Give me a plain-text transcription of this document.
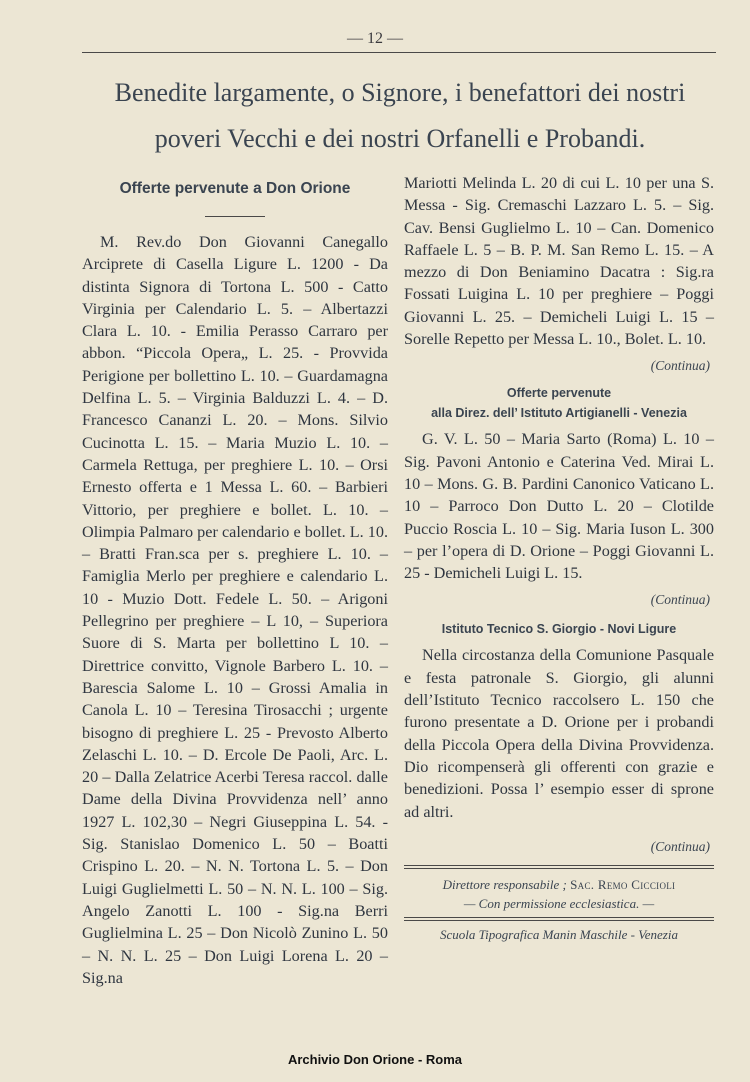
— 12 —
Benedite largamente, o Signore, i benefattori dei nostri
poveri Vecchi e dei nostri Orfanelli e Probandi.
Offerte pervenute a Don Orione

M. Rev.do Don Giovanni Canegallo Arciprete di Casella Ligure L. 1200 - Da distinta Signora di Tortona L. 500 - Catto Virginia per Calendario L. 5. – Albertazzi Clara L. 10. - Emilia Perasso Carraro per abbon. “Piccola Opera„ L. 25. - Provvida Perigione per bollettino L. 10. – Guardamagna Delfina L. 5. – Virginia Balduzzi L. 4. – D. Francesco Cananzi L. 20. – Mons. Silvio Cucinotta L. 15. – Maria Muzio L. 10. – Carmela Rettuga, per preghiere L. 10. – Orsi Ernesto offerta e 1 Messa L. 60. – Barbieri Vittorio, per preghiere e bollet. L. 10. – Olimpia Palmaro per calendario e bollet. L. 10. – Bratti Fran.sca per s. preghiere L. 10. – Famiglia Merlo per preghiere e calendario L. 10 - Muzio Dott. Fedele L. 50. – Arigoni Pellegrino per preghiere – L 10, – Superiora Suore di S. Marta per bollettino L 10. – Direttrice convitto, Vignole Barbero L. 10. – Barescia Salome L. 10 – Grossi Amalia in Canola L. 10 – Teresina Tirosacchi ; urgente bisogno di preghiere L. 25 - Prevosto Alberto Zelaschi L. 10. – D. Ercole De Paoli, Arc. L. 20 – Dalla Zelatrice Acerbi Teresa raccol. dalle Dame della Divina Provvidenza nell’ anno 1927 L. 102,30 – Negri Giuseppina L. 54. - Sig. Stanislao Domenico L. 50 – Boatti Crispino L. 20. – N. N. Tortona L. 5. – Don Luigi Guglielmetti L. 50 – N. N. L. 100 – Sig. Angelo Zanotti L. 100 - Sig.na Berri Guglielmina L. 25 – Don Nicolò Zunino L. 50 – N. N. L. 25 – Don Luigi Lorena L. 20 – Sig.na

Mariotti Melinda L. 20 di cui L. 10 per una S. Messa - Sig. Cremaschi Lazzaro L. 5. – Sig. Cav. Bensi Guglielmo L. 10 – Can. Domenico Raffaele L. 5 – B. P. M. San Remo L. 15. – A mezzo di Don Beniamino Dacatra : Sig.ra Fossati Luigina L. 10 per preghiere – Poggi Giovanni L. 25. – Demicheli Luigi L. 15 – Sorelle Repetto per Messa L. 10., Bolet. L. 10.

(Continua)
Offerte pervenute
alla Direz. dell’ Istituto Artigianelli - Venezia

G. V. L. 50 – Maria Sarto (Roma) L. 10 – Sig. Pavoni Antonio e Caterina Ved. Mirai L. 10 – Mons. G. B. Pardini Canonico Vaticano L. 10 – Parroco Don Dutto L. 20 – Clotilde Puccio Roscia L. 10 – Sig. Maria Iuson L. 300 – per l’opera di D. Orione – Poggi Giovanni L. 25 - Demicheli Luigi L. 15.

(Continua)
Istituto Tecnico S. Giorgio - Novi Ligure

Nella circostanza della Comunione Pasquale e festa patronale S. Giorgio, gli alunni dell’Istituto Tecnico raccolsero L. 150 che furono presentate a D. Orione per i probandi della Piccola Opera della Divina Provvidenza. Dio ricompenserà gli offerenti con grazie e benedizioni. Possa l’ esempio esser di sprone ad altri.

(Continua)
Direttore responsabile ; Sac. Remo Ciccioli
— Con permissione ecclesiastica. —
Scuola Tipografica Manin Maschile - Venezia
Archivio Don Orione - Roma
